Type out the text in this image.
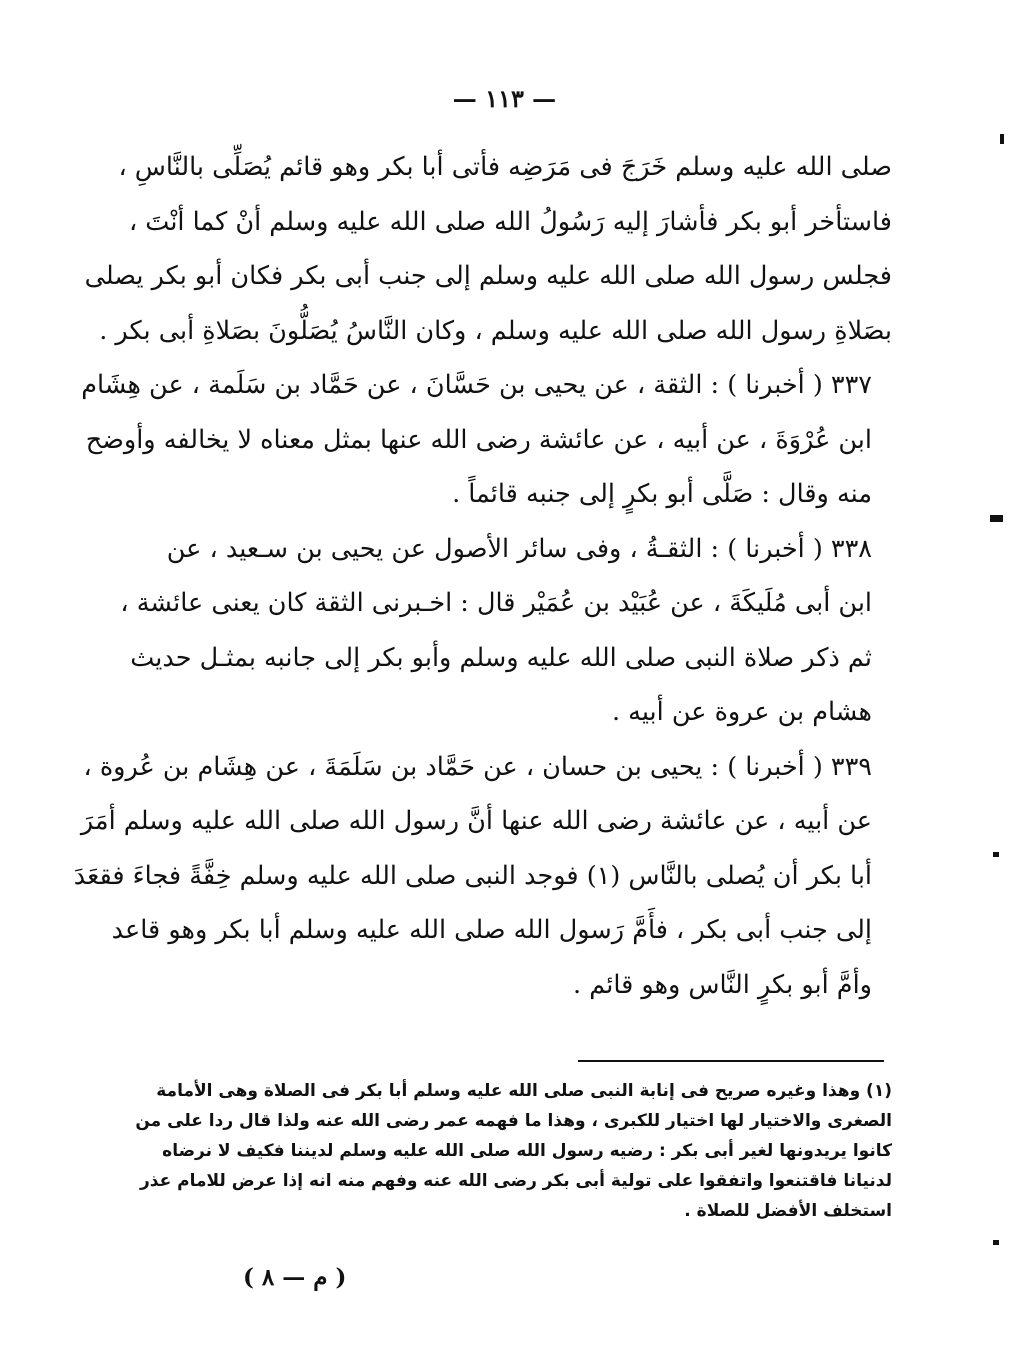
— ١١٣ —

صلى الله عليه وسلم خَرَجَ فى مَرَضِه فأتى أبا بكر وهو قائم يُصَلِّى بالنَّاسِ ،
فاستأخر أبو بكر فأشارَ إليه رَسُولُ الله صلى الله عليه وسلم أنْ كما أنْتَ ،
فجلس رسول الله صلى الله عليه وسلم إلى جنب أبى بكر فكان أبو بكر يصلى
بصَلاةِ رسول الله صلى الله عليه وسلم ، وكان النَّاسُ يُصَلُّونَ بصَلاةِ أبى بكر .

٣٣٧ ( أخبرنا ) : الثقة ، عن يحيى بن حَسَّانَ ، عن حَمَّاد بن سَلَمة ، عن هِشَام
ابن عُرْوَةَ ، عن أبيه ، عن عائشة رضى الله عنها بمثل معناه لا يخالفه وأوضح
منه وقال : صَلَّى أبو بكرٍ إلى جنبه قائماً .

٣٣٨ ( أخبرنا ) : الثقـةُ ، وفى سائر الأصول عن يحيى بن سـعيد ، عن
ابن أبى مُلَيكَةَ ، عن عُبَيْد بن عُمَيْر قال : اخـبرنى الثقة كان يعنى عائشة ،
ثم ذكر صلاة النبى صلى الله عليه وسلم وأبو بكر إلى جانبه بمثـل حديث
هشام بن عروة عن أبيه .

٣٣٩ ( أخبرنا ) : يحيى بن حسان ، عن حَمَّاد بن سَلَمَةَ ، عن هِشَام بن عُروة ،
عن أبيه ، عن عائشة رضى الله عنها أنَّ رسول الله صلى الله عليه وسلم أمَرَ
أبا بكر أن يُصلى بالنَّاس (١) فوجد النبى صلى الله عليه وسلم خِفَّةً فجاءَ فقعَدَ
إلى جنب أبى بكر ، فأَمَّ رَسول الله صلى الله عليه وسلم أبا بكر وهو قاعد
وأمَّ أبو بكرٍ النَّاس وهو قائم .

(١) وهذا وغيره صريح فى إنابة النبى صلى الله عليه وسلم أبا بكر فى الصلاة وهى الأمامة
الصغرى والاختيار لها اختيار للكبرى ، وهذا ما فهمه عمر رضى الله عنه ولذا قال ردا على من
كانوا يريدونها لغير أبى بكر : رضيه رسول الله صلى الله عليه وسلم لديننا فكيف لا نرضاه
لدنيانا فاقتنعوا واتفقوا على تولية أبى بكر رضى الله عنه وفهم منه انه إذا عرض للامام عذر
استخلف الأفضل للصلاة .
( م — ٨ )
